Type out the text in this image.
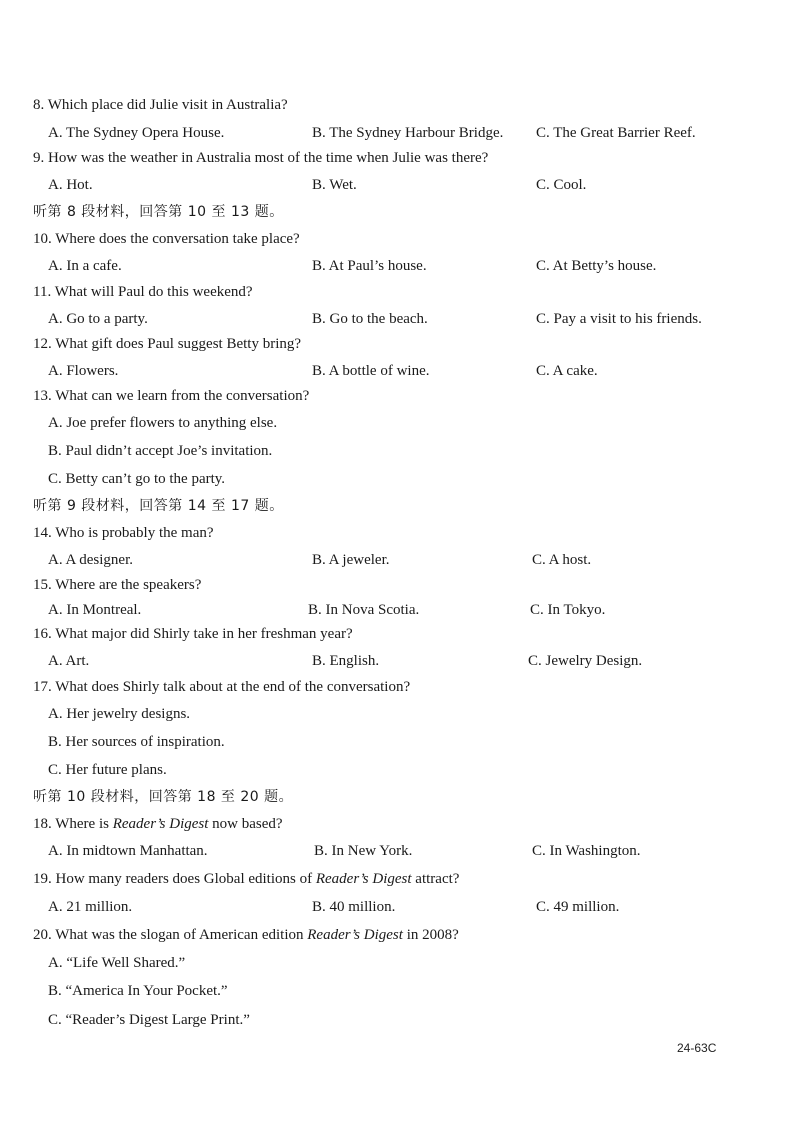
8. Which place did Julie visit in Australia?
A. The Sydney Opera House.	B. The Sydney Harbour Bridge. C. The Great Barrier Reef.
9. How was the weather in Australia most of the time when Julie was there?
A. Hot.	B. Wet.	C. Cool.
听第 8 段材料，回答第 10 至 13 题。
10. Where does the conversation take place?
A. In a cafe.	B. At Paul’s house.	C. At Betty’s house.
11. What will Paul do this weekend?
A. Go to a party.	B. Go to the beach.	C. Pay a visit to his friends.
12. What gift does Paul suggest Betty bring?
A. Flowers.	B. A bottle of wine.	C. A cake.
13. What can we learn from the conversation?
A. Joe prefer flowers to anything else.
B. Paul didn’t accept Joe’s invitation.
C. Betty can’t go to the party.
听第 9 段材料，回答第 14 至 17 题。
14. Who is probably the man?
A. A designer.	B. A jeweler.	C. A host.
15. Where are the speakers?
A. In Montreal.	B. In Nova Scotia.	C. In Tokyo.
16. What major did Shirly take in her freshman year?
A. Art.	B. English.	C. Jewelry Design.
17. What does Shirly talk about at the end of the conversation?
A. Her jewelry designs.
B. Her sources of inspiration.
C. Her future plans.
听第 10 段材料，回答第 18 至 20 题。
18. Where is Reader’s Digest now based?
A. In midtown Manhattan.	B. In New York.	C. In Washington.
19. How many readers does Global editions of Reader’s Digest attract?
A. 21 million.	B. 40 million.	C. 49 million.
20. What was the slogan of American edition Reader’s Digest in 2008?
A. “Life Well Shared.”
B. “America In Your Pocket.”
C. “Reader’s Digest Large Print.”
24-63C
